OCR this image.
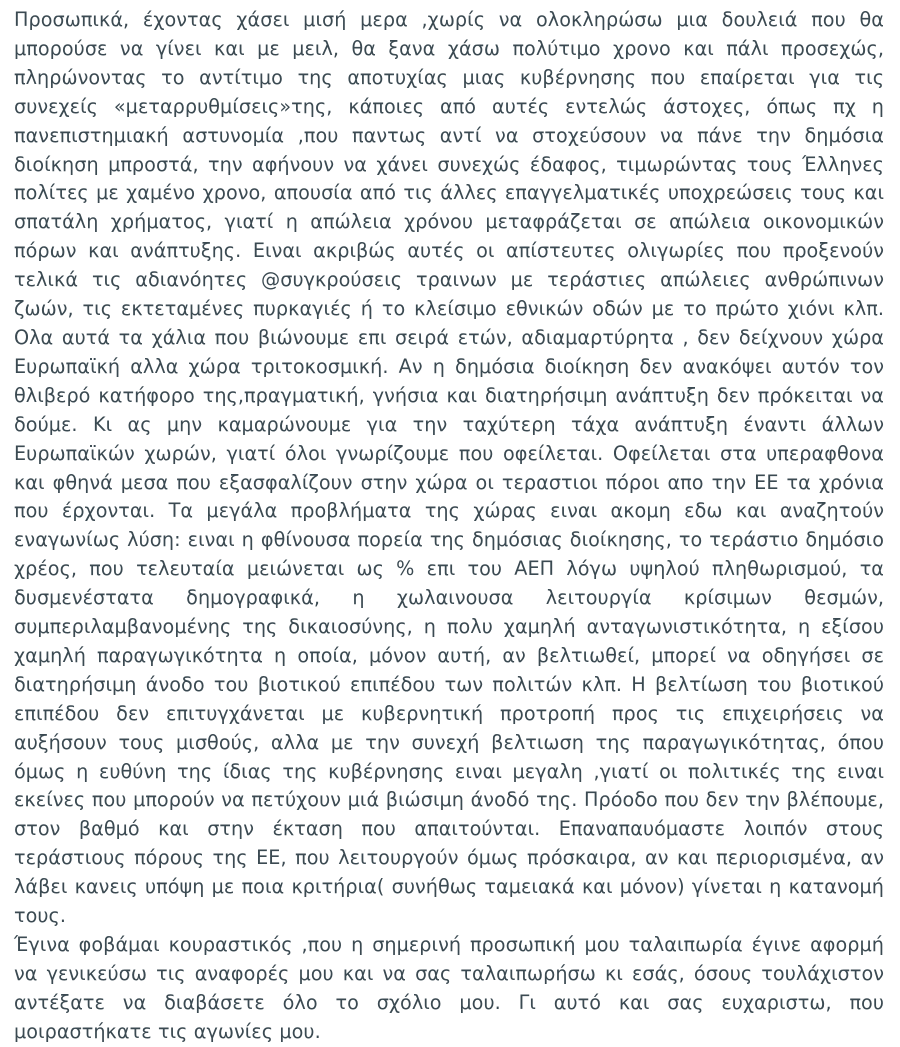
Προσωπικά, έχοντας χάσει μισή μερα ,χωρίς να ολοκληρώσω μια δουλειά που θα μπορούσε να γίνει και με μειλ, θα ξανα χάσω πολύτιμο χρονο και πάλι προσεχώς, πληρώνοντας το αντίτιμο της αποτυχίας μιας κυβέρνησης που επαίρεται για τις συνεχείς «μεταρρυθμίσεις»της, κάποιες από αυτές εντελώς άστοχες, όπως πχ η πανεπιστημιακή αστυνομία ,που παντως αντί να στοχεύσουν να πάνε την δημόσια διοίκηση μπροστά, την αφήνουν να χάνει συνεχώς έδαφος, τιμωρώντας τους Έλληνες πολίτες με χαμένο χρονο, απουσία από τις άλλες επαγγελματικές υποχρεώσεις τους και σπατάλη χρήματος, γιατί η απώλεια χρόνου μεταφράζεται σε απώλεια οικονομικών πόρων και ανάπτυξης. Ειναι ακριβώς αυτές οι απίστευτες ολιγωρίες που προξενούν τελικά τις αδιανόητες @συγκρούσεις τραινων με τεράστιες απώλειες ανθρώπινων ζωών, τις εκτεταμένες πυρκαγιές ή το κλείσιμο εθνικών οδών με το πρώτο χιόνι κλπ. Ολα αυτά τα χάλια που βιώνουμε επι σειρά ετών, αδιαμαρτύρητα , δεν δείχνουν χώρα Ευρωπαϊκή αλλα χώρα τριτοκοσμική. Αν η δημόσια διοίκηση δεν ανακόψει αυτόν τον θλιβερό κατήφορο της,πραγματική, γνήσια και διατηρήσιμη ανάπτυξη δεν πρόκειται να δούμε. Κι ας μην καμαρώνουμε για την ταχύτερη τάχα ανάπτυξη έναντι άλλων Ευρωπαϊκών χωρών, γιατί όλοι γνωρίζουμε που οφείλεται. Οφείλεται στα υπεραφθονα και φθηνά μεσα που εξασφαλίζουν στην χώρα οι τεραστιοι πόροι απο την ΕΕ τα χρόνια που έρχονται. Τα μεγάλα προβλήματα της χώρας ειναι ακομη εδω και αναζητούν εναγωνίως λύση: ειναι η φθίνουσα πορεία της δημόσιας διοίκησης, το τεράστιο δημόσιο χρέος, που τελευταία μειώνεται ως % επι του ΑΕΠ λόγω υψηλού πληθωρισμού, τα δυσμενέστατα δημογραφικά, η χωλαινουσα λειτουργία κρίσιμων θεσμών, συμπεριλαμβανομένης της δικαιοσύνης, η πολυ χαμηλή ανταγωνιστικότητα, η εξίσου χαμηλή παραγωγικότητα η οποία, μόνον αυτή, αν βελτιωθεί, μπορεί να οδηγήσει σε διατηρήσιμη άνοδο του βιοτικού επιπέδου των πολιτών κλπ. Η βελτίωση του βιοτικού επιπέδου δεν επιτυγχάνεται με κυβερνητική προτροπή προς τις επιχειρήσεις να αυξήσουν τους μισθούς, αλλα με την συνεχή βελτιωση της παραγωγικότητας, όπου όμως η ευθύνη της ίδιας της κυβέρνησης ειναι μεγαλη ,γιατί οι πολιτικές της ειναι εκείνες που μπορούν να πετύχουν μιά βιώσιμη άνοδό της. Πρόοδο που δεν την βλέπουμε, στον βαθμό και στην έκταση που απαιτούνται. Επαναπαυόμαστε λοιπόν στους τεράστιους πόρους της ΕΕ, που λειτουργούν όμως πρόσκαιρα, αν και περιορισμένα, αν λάβει κανεις υπόψη με ποια κριτήρια( συνήθως ταμειακά και μόνον) γίνεται η κατανομή τους.

Έγινα φοβάμαι κουραστικός ,που η σημερινή προσωπική μου ταλαιπωρία έγινε αφορμή να γενικεύσω τις αναφορές μου και να σας ταλαιπωρήσω κι εσάς, όσους τουλάχιστον αντέξατε να διαβάσετε όλο το σχόλιο μου. Γι αυτό και σας ευχαριστω, που μοιραστήκατε τις αγωνίες μου.
